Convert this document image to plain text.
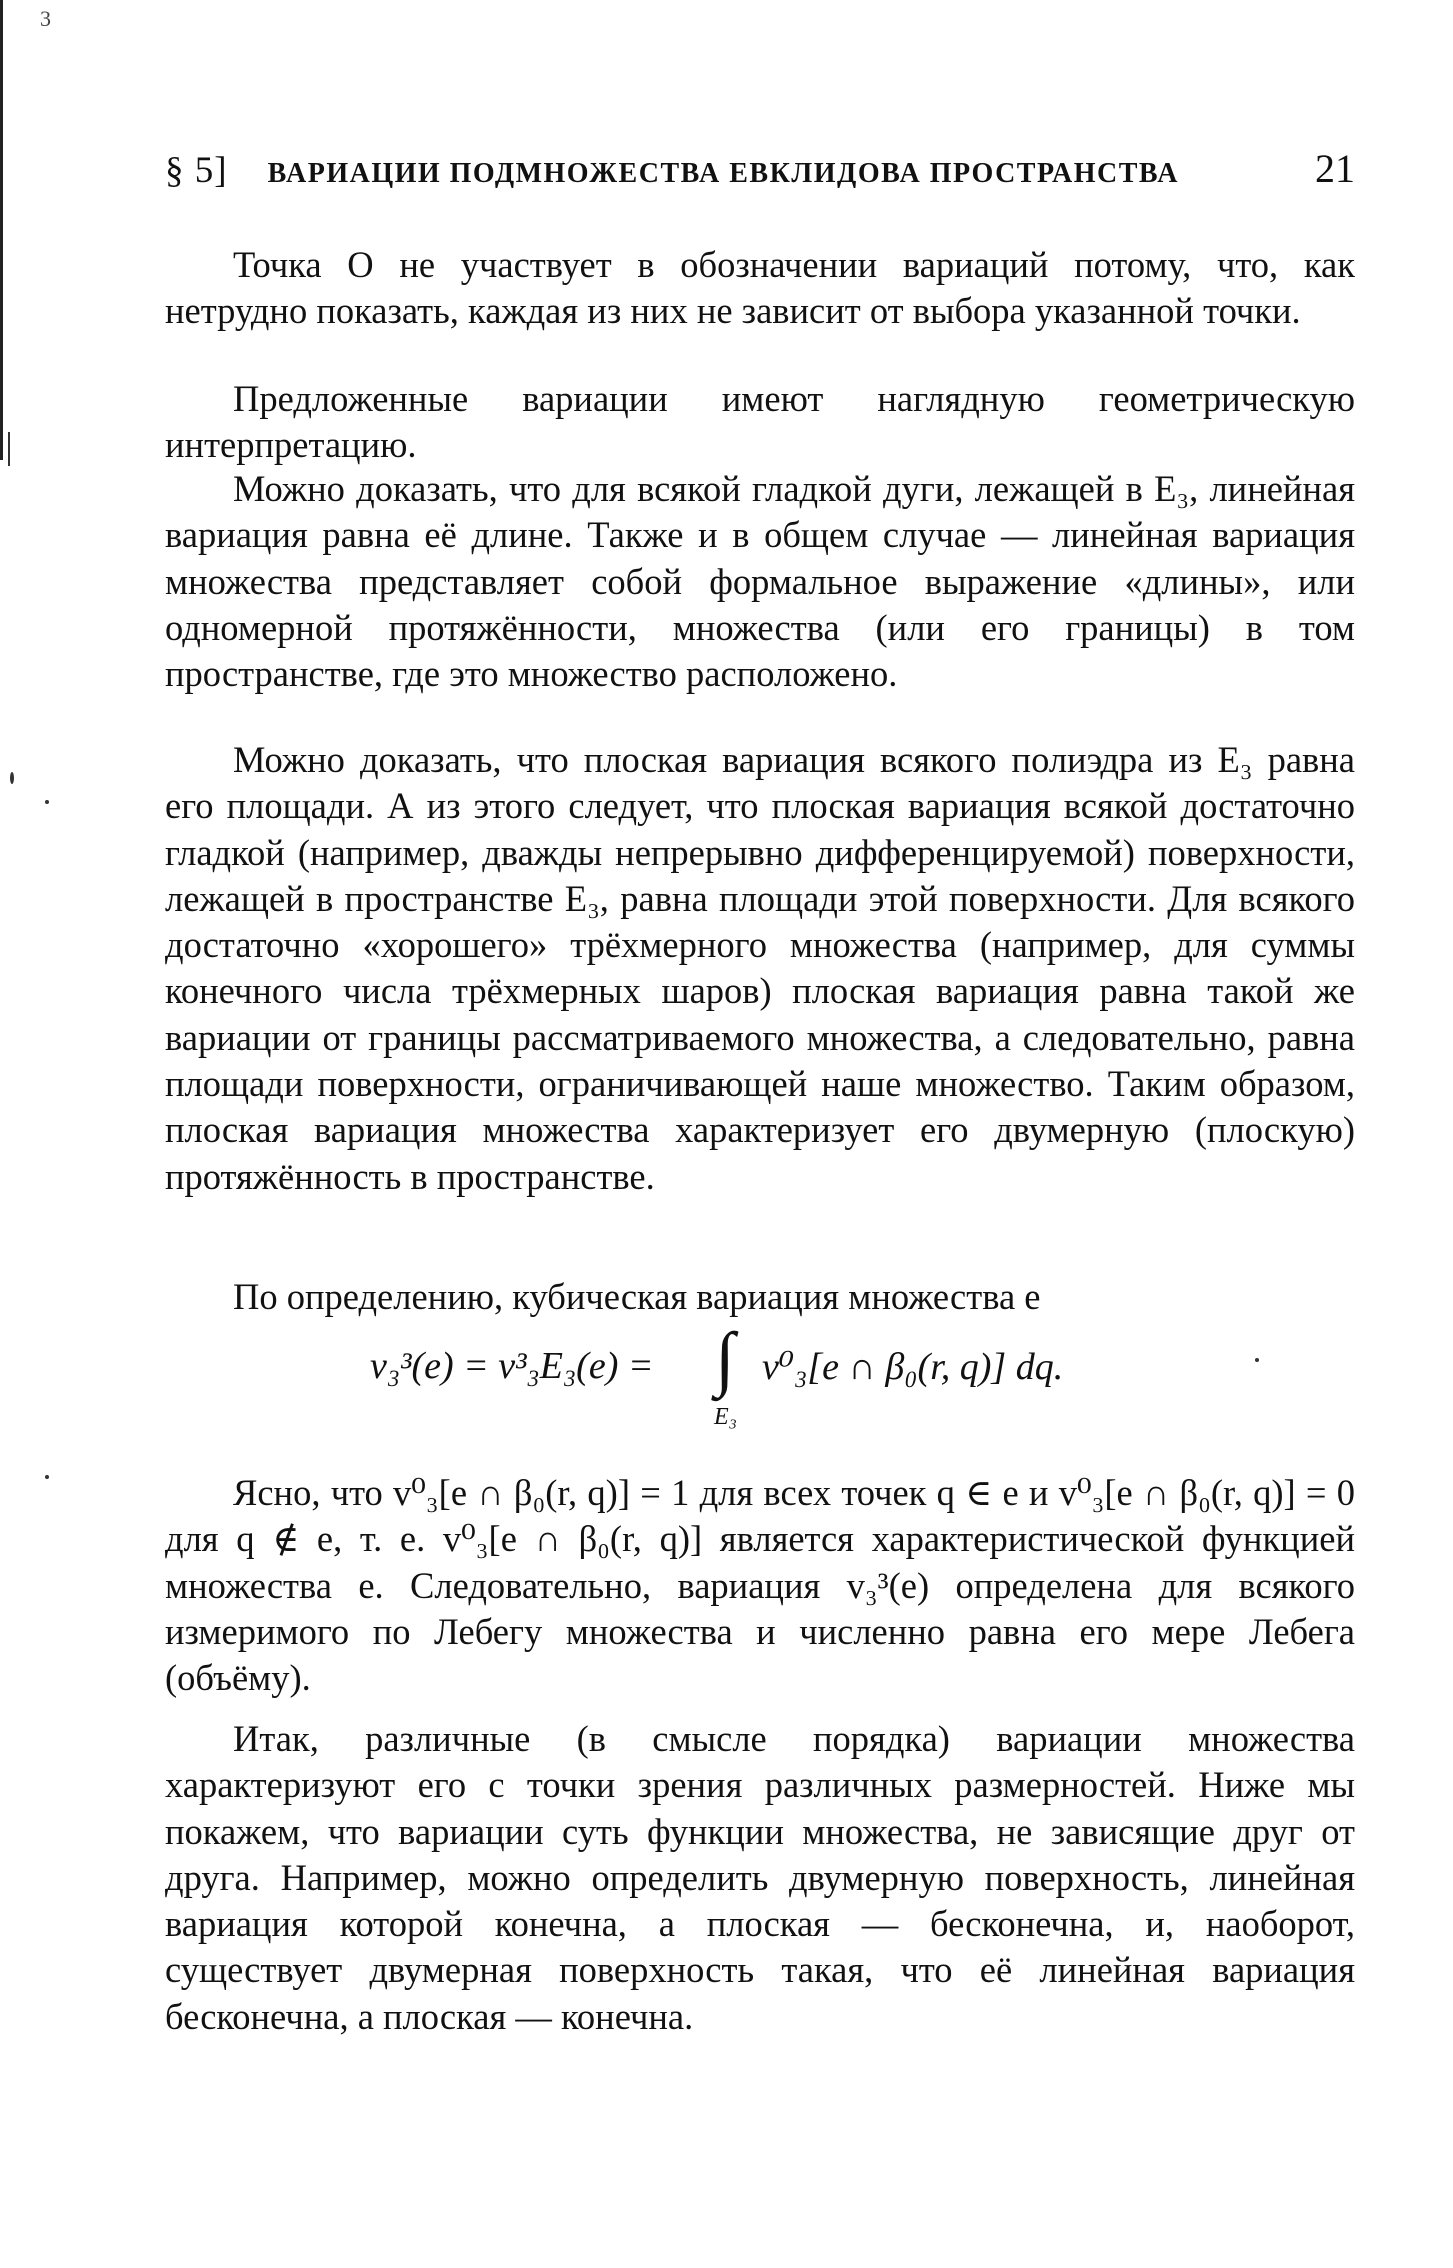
3
§ 5] ВАРИАЦИИ ПОДМНОЖЕСТВА ЕВКЛИДОВА ПРОСТРАНСТВА	21

Точка O не участвует в обозначении вариаций потому, что, как нетрудно показать, каждая из них не зависит от выбора указанной точки.

Предложенные вариации имеют наглядную геометрическую интерпретацию.

Можно доказать, что для всякой гладкой дуги, лежащей в E₃, линейная вариация равна её длине. Также и в общем случае — линейная вариация множества представляет собой формальное выражение «длины», или одномерной протяжённости, множества (или его границы) в том пространстве, где это множество расположено.

Можно доказать, что плоская вариация всякого полиэдра из E₃ равна его площади. А из этого следует, что плоская вариация всякой достаточно гладкой (например, дважды непрерывно дифференцируемой) поверхности, лежащей в пространстве E₃, равна площади этой поверхности. Для всякого достаточно «хорошего» трёхмерного множества (например, для суммы конечного числа трёхмерных шаров) плоская вариация равна такой же вариации от границы рассматриваемого множества, а следовательно, равна площади поверхности, ограничивающей наше множество. Таким образом, плоская вариация множества характеризует его двумерную (плоскую) протяжённость в пространстве.

По определению, кубическая вариация множества e

v₃³(e) = v³₃E₃(e) = ∫
E₃
v⁰₃[e ∩ β₀(r, q)] dq.

Ясно, что v⁰₃[e ∩ β₀(r, q)] = 1 для всех точек q ∈ e и v⁰₃[e ∩ β₀(r, q)] = 0 для q ∉ e, т. е. v⁰₃[e ∩ β₀(r, q)] является характеристической функцией множества e. Следовательно, вариация v₃³(e) определена для всякого измеримого по Лебегу множества и численно равна его мере Лебега (объёму).

Итак, различные (в смысле порядка) вариации множества характеризуют его с точки зрения различных размерностей. Ниже мы покажем, что вариации суть функции множества, не зависящие друг от друга. Например, можно определить двумерную поверхность, линейная вариация которой конечна, а плоская — бесконечна, и, наоборот, существует двумерная поверхность такая, что её линейная вариация бесконечна, а плоская — конечна.
